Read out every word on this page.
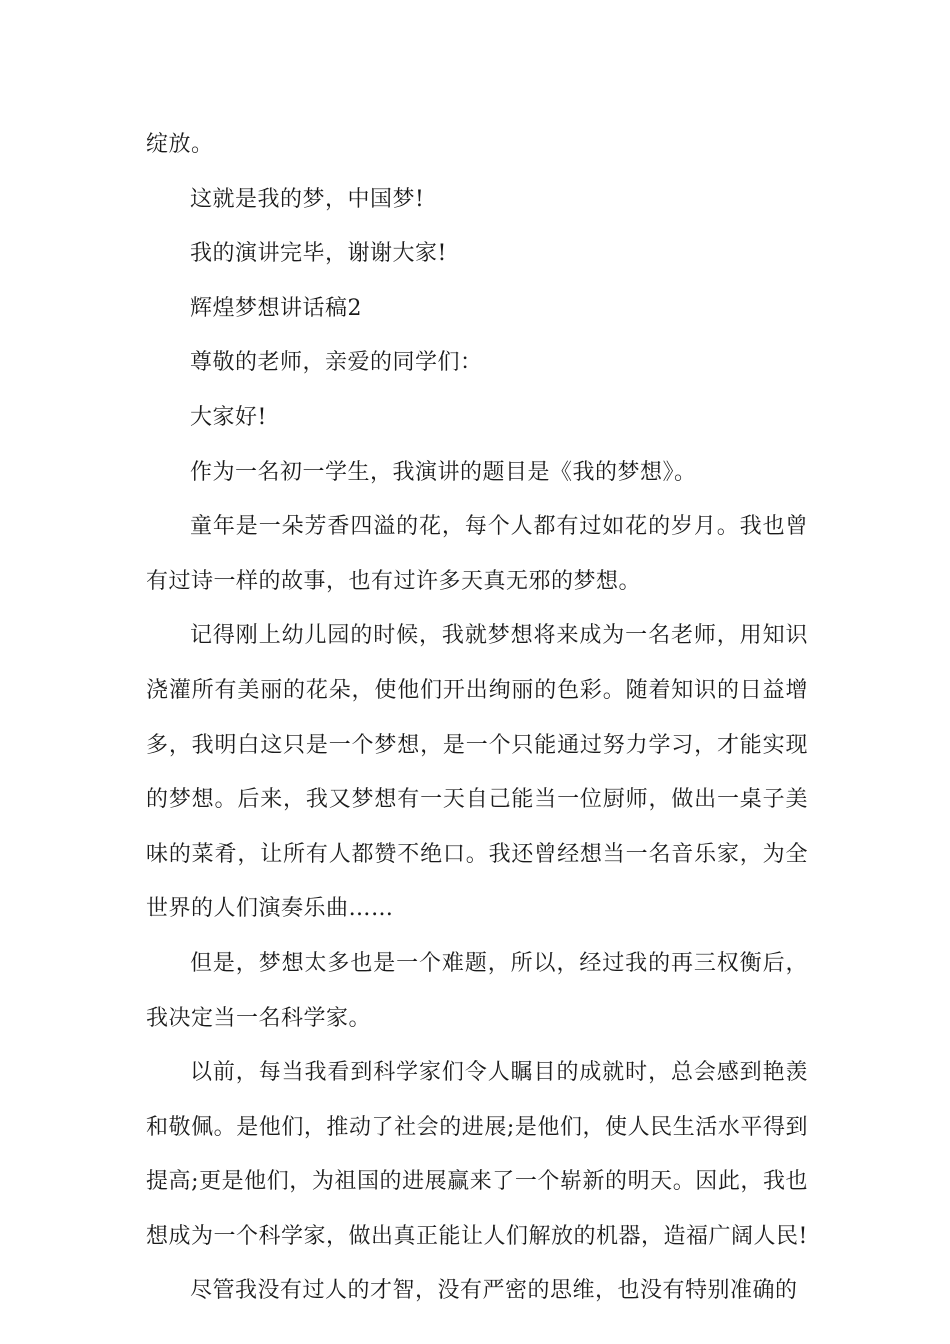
绽放。

这就是我的梦，中国梦!

我的演讲完毕，谢谢大家!

辉煌梦想讲话稿2

尊敬的老师，亲爱的同学们：

大家好!

作为一名初一学生，我演讲的题目是《我的梦想》。

童年是一朵芳香四溢的花，每个人都有过如花的岁月。我也曾有过诗一样的故事，也有过许多天真无邪的梦想。

记得刚上幼儿园的时候，我就梦想将来成为一名老师，用知识浇灌所有美丽的花朵，使他们开出绚丽的色彩。随着知识的日益增多，我明白这只是一个梦想，是一个只能通过努力学习，才能实现的梦想。后来，我又梦想有一天自己能当一位厨师，做出一桌子美味的菜肴，让所有人都赞不绝口。我还曾经想当一名音乐家，为全世界的人们演奏乐曲……

但是，梦想太多也是一个难题，所以，经过我的再三权衡后，我决定当一名科学家。

以前，每当我看到科学家们令人瞩目的成就时，总会感到艳羡和敬佩。是他们，推动了社会的进展;是他们，使人民生活水平得到提高;更是他们，为祖国的进展赢来了一个崭新的明天。因此，我也想成为一个科学家，做出真正能让人们解放的机器，造福广阔人民!

尽管我没有过人的才智，没有严密的思维，也没有特别准确的
